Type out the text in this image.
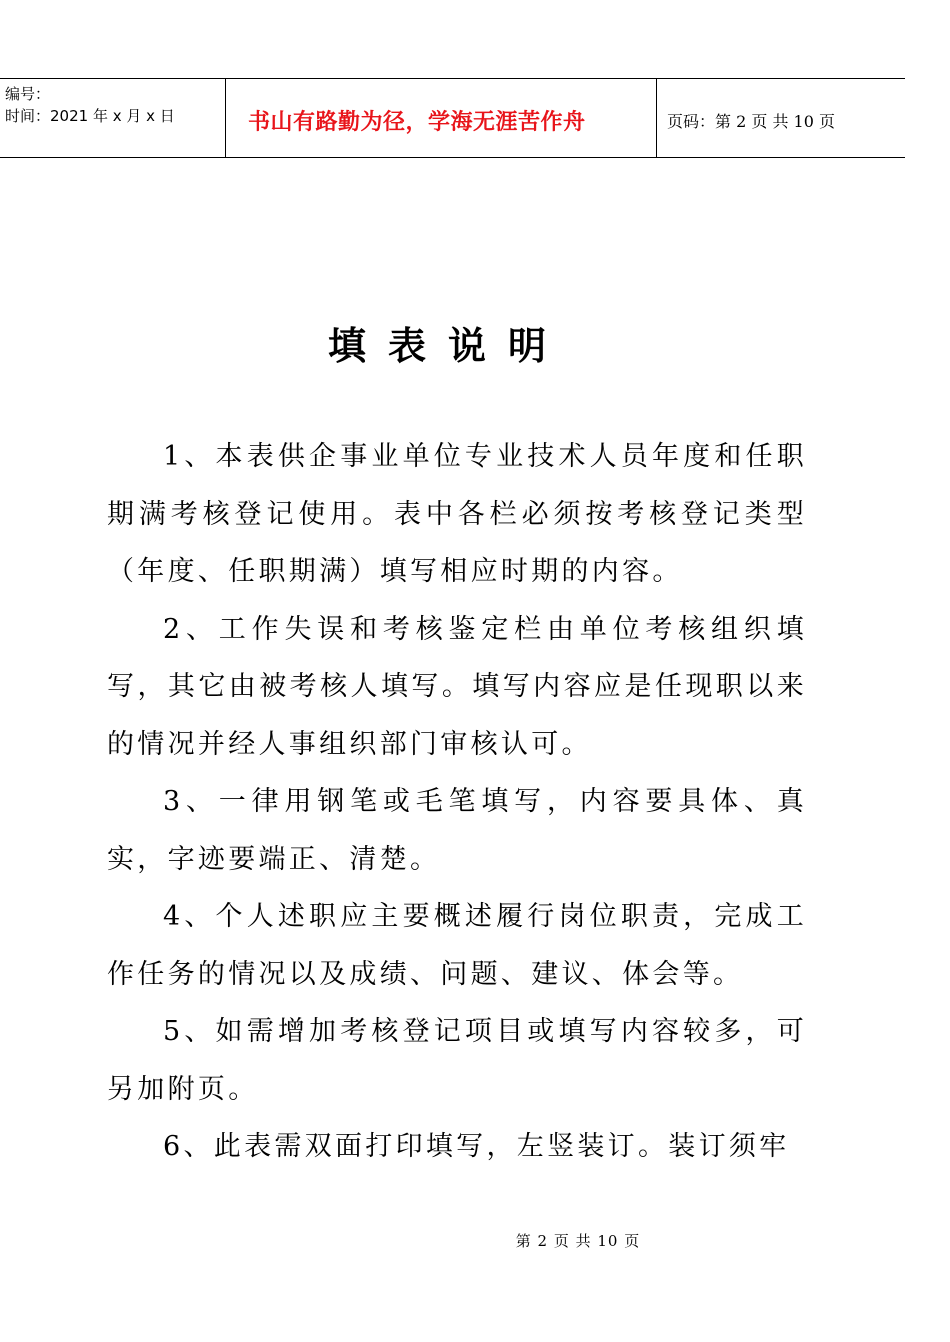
编号：
时间：2021 年 x 月 x 日	书山有路勤为径，学海无涯苦作舟	页码：第 2 页 共 10 页
填表说明

1、本表供企事业单位专业技术人员年度和任职期满考核登记使用。表中各栏必须按考核登记类型（年度、任职期满）填写相应时期的内容。

2、工作失误和考核鉴定栏由单位考核组织填写，其它由被考核人填写。填写内容应是任现职以来的情况并经人事组织部门审核认可。

3、一律用钢笔或毛笔填写，内容要具体、真实，字迹要端正、清楚。

4、个人述职应主要概述履行岗位职责，完成工作任务的情况以及成绩、问题、建议、体会等。

5、如需增加考核登记项目或填写内容较多，可另加附页。

6、此表需双面打印填写，左竖装订。装订须牢

第 2 页 共 10 页
